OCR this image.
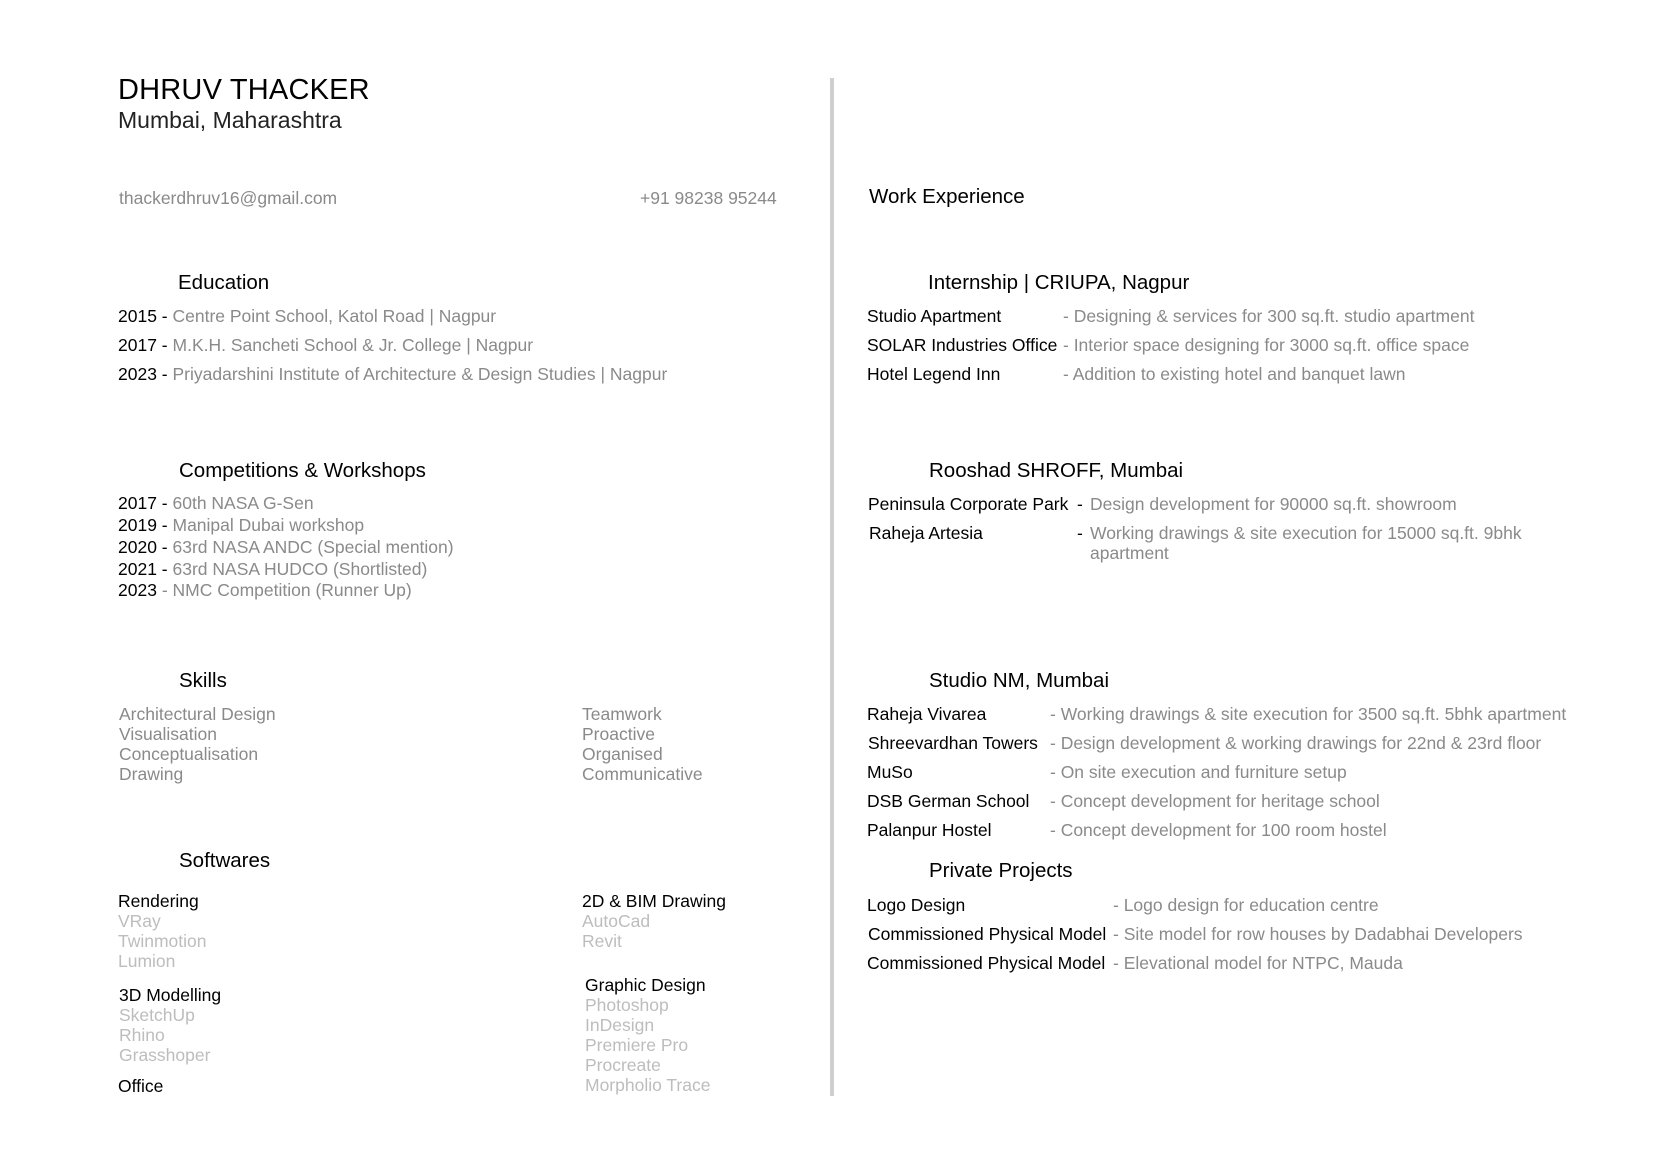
DHRUV THACKER
Mumbai, Maharashtra
thackerdhruv16@gmail.com	+91 98238 95244
Education
2015 - Centre Point School, Katol Road | Nagpur
2017 - M.K.H. Sancheti School & Jr. College | Nagpur
2023 - Priyadarshini Institute of Architecture & Design Studies | Nagpur
Competitions & Workshops
2017 - 60th NASA G-Sen
2019 - Manipal Dubai workshop
2020 - 63rd NASA ANDC (Special mention)
2021 - 63rd NASA HUDCO (Shortlisted)
2023 - NMC Competition (Runner Up)
Skills
Architectural Design
Visualisation
Conceptualisation
Drawing
Teamwork
Proactive
Organised
Communicative
Softwares
Rendering
VRay
Twinmotion
Lumion
3D Modelling
SketchUp
Rhino
Grasshoper
Office
2D & BIM Drawing
AutoCad
Revit
Graphic Design
Photoshop
InDesign
Premiere Pro
Procreate
Morpholio Trace
Work Experience
Internship | CRIUPA, Nagpur
Studio Apartment	- Designing & services for 300 sq.ft. studio apartment
SOLAR Industries Office - Interior space designing for 3000 sq.ft. office space
Hotel Legend Inn	- Addition to existing hotel and banquet lawn
Rooshad SHROFF, Mumbai
Peninsula Corporate Park - Design development for 90000 sq.ft. showroom
Raheja Artesia	- Working drawings & site execution for 15000 sq.ft. 9bhk apartment
Studio NM, Mumbai
Raheja Vivarea	- Working drawings & site execution for 3500 sq.ft. 5bhk apartment
Shreevardhan Towers - Design development & working drawings for 22nd & 23rd floor
MuSo	- On site execution and furniture setup
DSB German School - Concept development for heritage school
Palanpur Hostel	- Concept development for 100 room hostel
Private Projects
Logo Design	- Logo design for education centre
Commissioned Physical Model - Site model for row houses by Dadabhai Developers
Commissioned Physical Model - Elevational model for NTPC, Mauda
